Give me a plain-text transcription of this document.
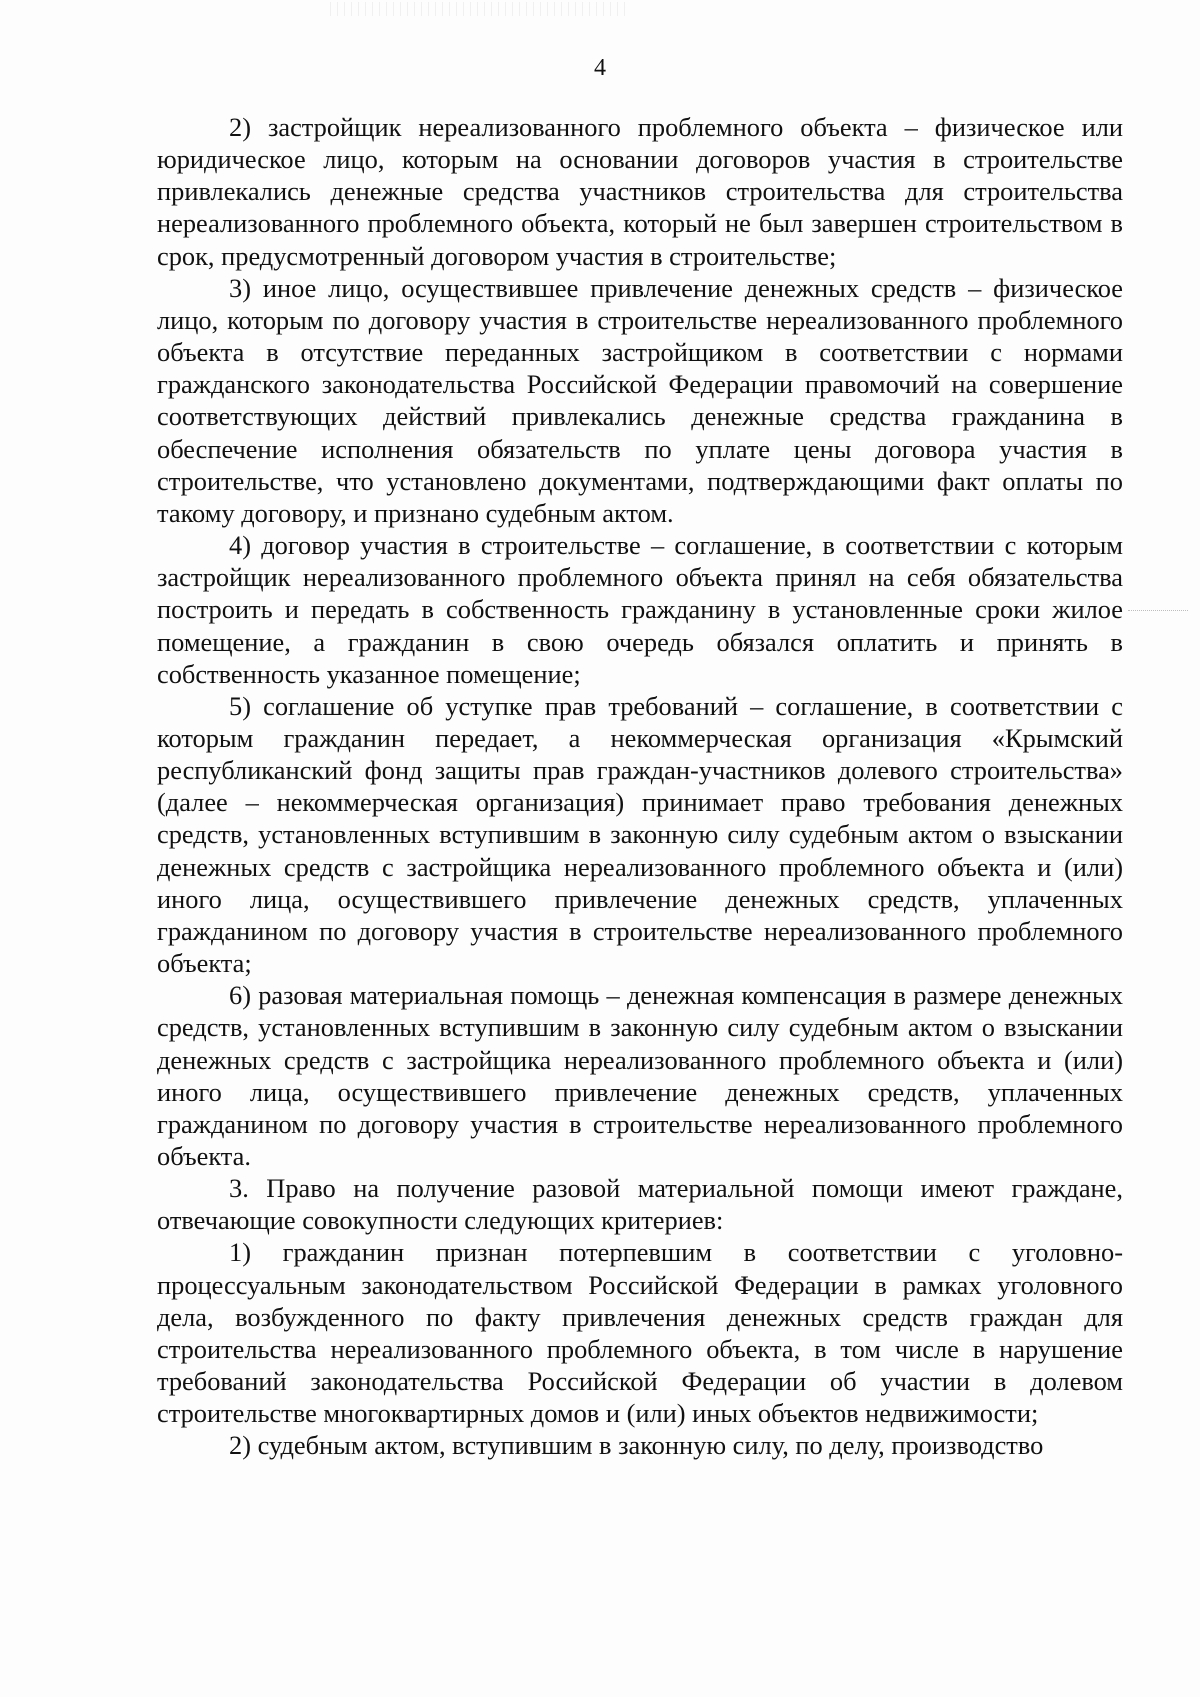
4

2) застройщик нереализованного проблемного объекта – физическое или юридическое лицо, которым на основании договоров участия в строительстве привлекались денежные средства участников строительства для строительства нереализованного проблемного объекта, который не был завершен строительством в срок, предусмотренный договором участия в строительстве;

3) иное лицо, осуществившее привлечение денежных средств – физическое лицо, которым по договору участия в строительстве нереализованного проблемного объекта в отсутствие переданных застройщиком в соответствии с нормами гражданского законодательства Российской Федерации правомочий на совершение соответствующих действий привлекались денежные средства гражданина в обеспечение исполнения обязательств по уплате цены договора участия в строительстве, что установлено документами, подтверждающими факт оплаты по такому договору, и признано судебным актом.

4) договор участия в строительстве – соглашение, в соответствии с которым застройщик нереализованного проблемного объекта принял на себя обязательства построить и передать в собственность гражданину в установленные сроки жилое помещение, а гражданин в свою очередь обязался оплатить и принять в собственность указанное помещение;

5) соглашение об уступке прав требований – соглашение, в соответствии с которым гражданин передает, а некоммерческая организация «Крымский республиканский фонд защиты прав граждан-участников долевого строительства» (далее – некоммерческая организация) принимает право требования денежных средств, установленных вступившим в законную силу судебным актом о взыскании денежных средств с застройщика нереализованного проблемного объекта и (или) иного лица, осуществившего привлечение денежных средств, уплаченных гражданином по договору участия в строительстве нереализованного проблемного объекта;

6) разовая материальная помощь – денежная компенсация в размере денежных средств, установленных вступившим в законную силу судебным актом о взыскании денежных средств с застройщика нереализованного проблемного объекта и (или) иного лица, осуществившего привлечение денежных средств, уплаченных гражданином по договору участия в строительстве нереализованного проблемного объекта.

3. Право на получение разовой материальной помощи имеют граждане, отвечающие совокупности следующих критериев:

1) гражданин признан потерпевшим в соответствии с уголовно-процессуальным законодательством Российской Федерации в рамках уголовного дела, возбужденного по факту привлечения денежных средств граждан для строительства нереализованного проблемного объекта, в том числе в нарушение требований законодательства Российской Федерации об участии в долевом строительстве многоквартирных домов и (или) иных объектов недвижимости;

2) судебным актом, вступившим в законную силу, по делу, производство
